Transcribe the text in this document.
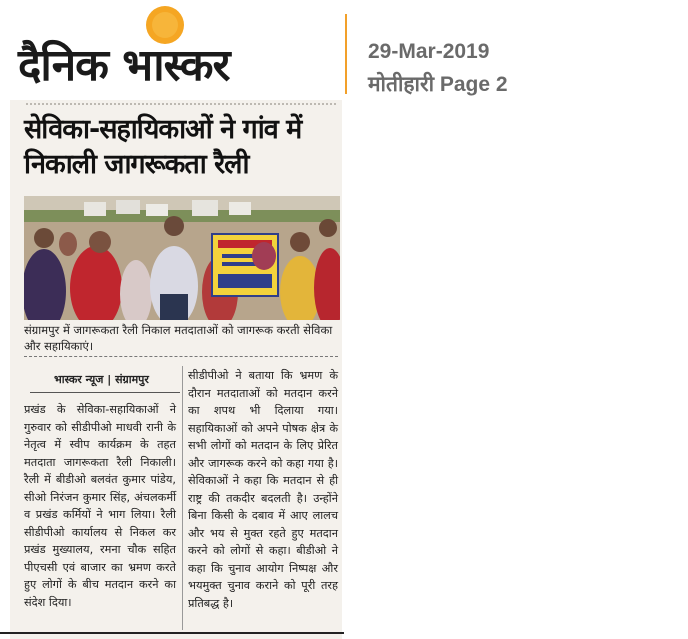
दैनिक भास्कर	29-Mar-2019
मोतीहारी Page 2
सेविका-सहायिकाओं ने गांव में निकाली जागरूकता रैली
संग्रामपुर में जागरूकता रैली निकाल मतदाताओं को जागरूक करती सेविका और सहायिकाएं।
भास्कर न्यूज | संग्रामपुर
प्रखंड के सेविका-सहायिकाओं ने गुरुवार को सीडीपीओ माधवी रानी के नेतृत्व में स्वीप कार्यक्रम के तहत मतदाता जागरूकता रैली निकाली। रैली में बीडीओ बलवंत कुमार पांडेय, सीओ निरंजन कुमार सिंह, अंचलकर्मी व प्रखंड कर्मियों ने भाग लिया। रैली सीडीपीओ कार्यालय से निकल कर प्रखंड मुख्यालय, रमना चौक सहित पीएचसी एवं बाजार का भ्रमण करते हुए लोगों के बीच मतदान करने का संदेश दिया।
सीडीपीओ ने बताया कि भ्रमण के दौरान मतदाताओं को मतदान करने का शपथ भी दिलाया गया। सहायिकाओं को अपने पोषक क्षेत्र के सभी लोगों को मतदान के लिए प्रेरित और जागरूक करने को कहा गया है। सेविकाओं ने कहा कि मतदान से ही राष्ट्र की तकदीर बदलती है। उन्होंने बिना किसी के दबाव में आए लालच और भय से मुक्त रहते हुए मतदान करने को लोगों से कहा। बीडीओ ने कहा कि चुनाव आयोग निष्पक्ष और भयमुक्त चुनाव कराने को पूरी तरह प्रतिबद्ध है।
